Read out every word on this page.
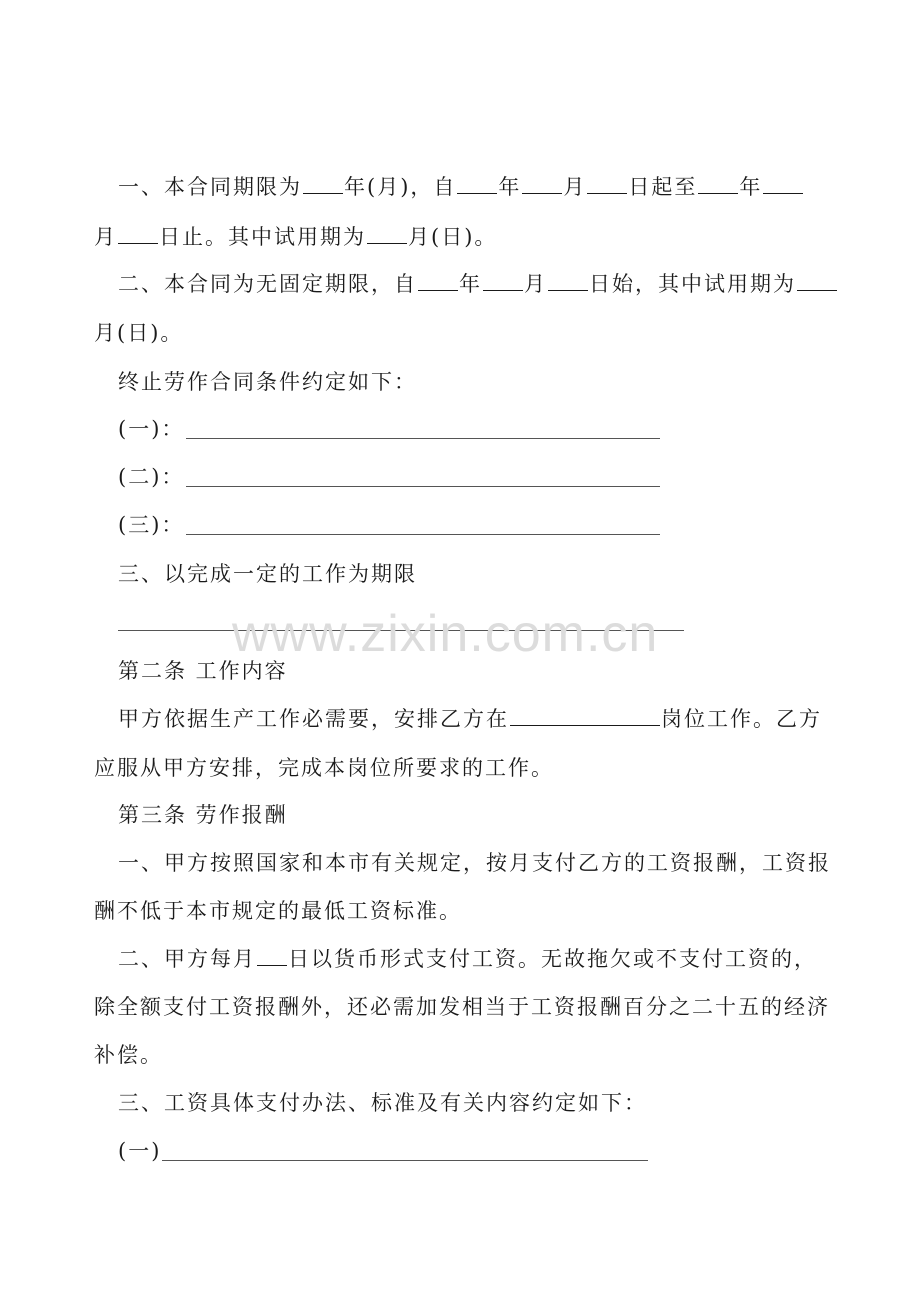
一、本合同期限为 年(月)，自 年 月 日起至 年
月 日止。其中试用期为 月(日)。
二、本合同为无固定期限，自 年 月 日始，其中试用期为
月(日)。
终止劳作合同条件约定如下：
(一)：
(二)：
(三)：
三、以完成一定的工作为期限
www.zixin.com.cn
第二条 工作内容
甲方依据生产工作必需要，安排乙方在	岗位工作。乙方
应服从甲方安排，完成本岗位所要求的工作。
第三条 劳作报酬
一、甲方按照国家和本市有关规定，按月支付乙方的工资报酬，工资报
酬不低于本市规定的最低工资标准。
二、甲方每月 日以货币形式支付工资。无故拖欠或不支付工资的，
除全额支付工资报酬外，还必需加发相当于工资报酬百分之二十五的经济
补偿。
三、工资具体支付办法、标准及有关内容约定如下：
(一)
